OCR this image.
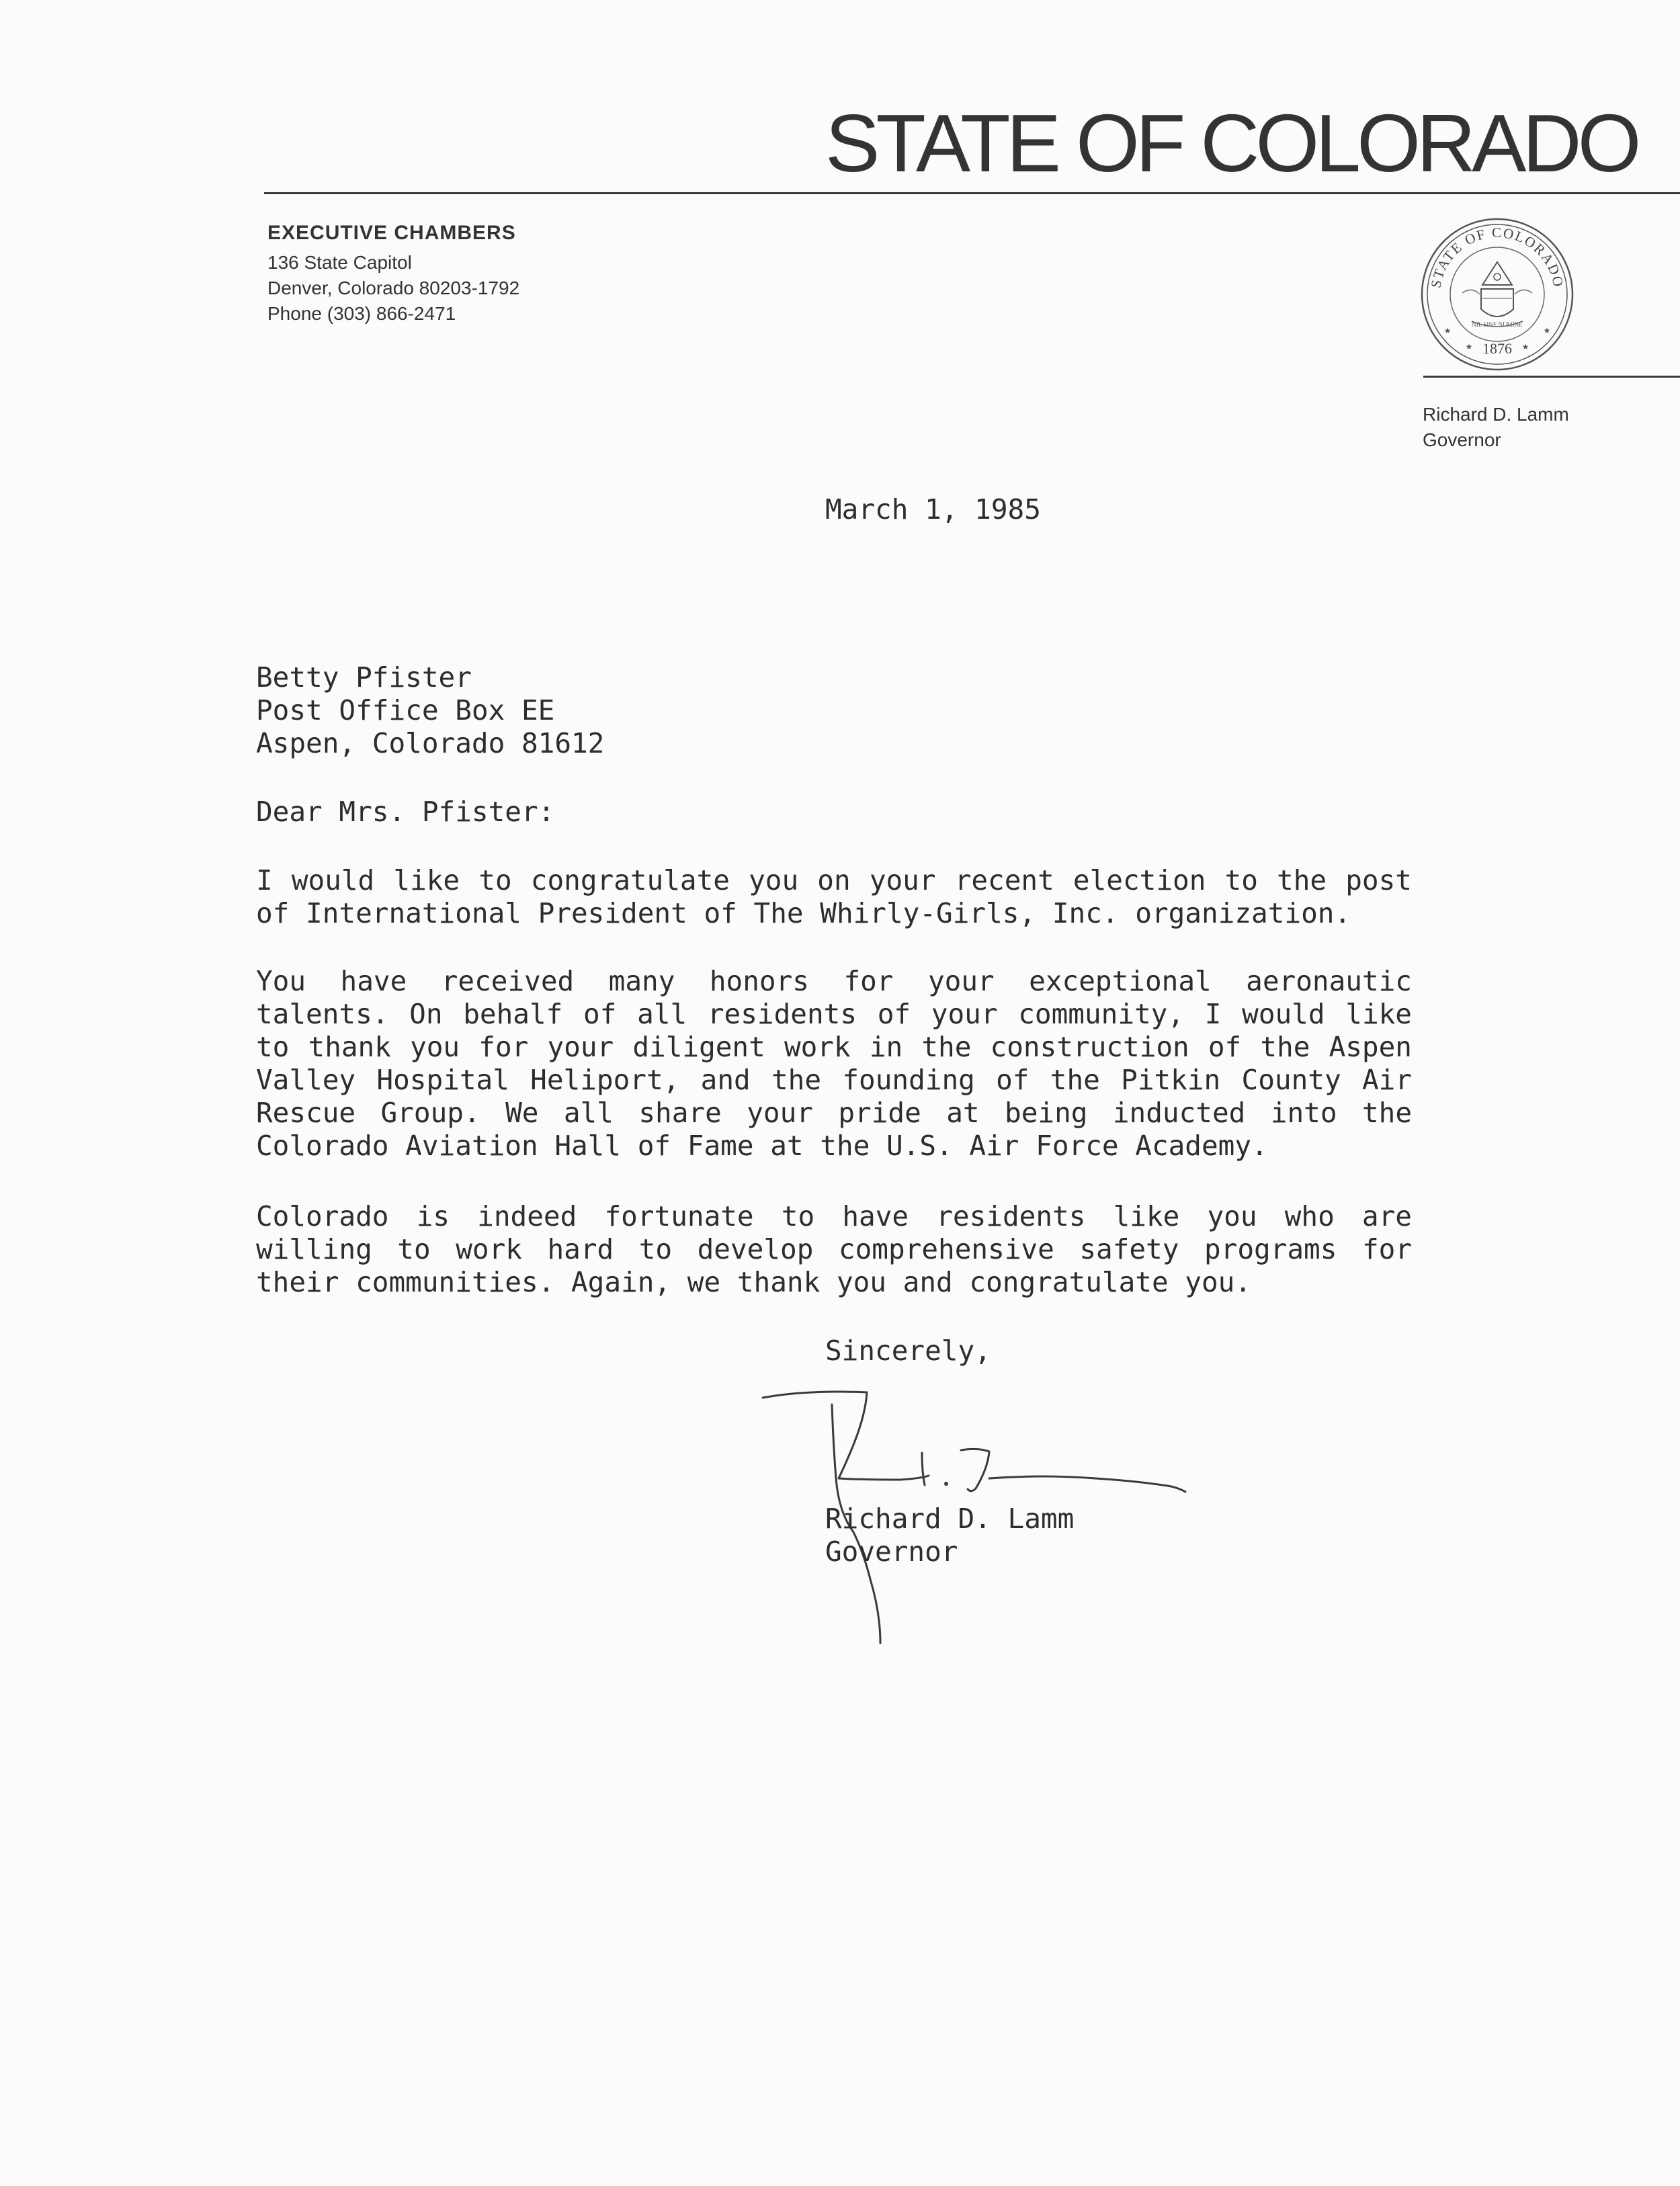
STATE OF COLORADO
EXECUTIVE CHAMBERS
136 State Capitol
Denver, Colorado 80203-1792
Phone (303) 866-2471
STATE OF COLORADO
NIL SINE NUMINE
1876
★	★
★	★
Richard D. Lamm
Governor
March 1, 1985
Betty Pfister
Post Office Box EE
Aspen, Colorado 81612
Dear Mrs. Pfister:
I would like to congratulate you on your recent election to the post of International President of The Whirly-Girls, Inc. organization.
You have received many honors for your exceptional aeronautic talents. On behalf of all residents of your community, I would like to thank you for your diligent work in the construction of the Aspen Valley Hospital Heliport, and the founding of the Pitkin County Air Rescue Group. We all share your pride at being inducted into the Colorado Aviation Hall of Fame at the U.S. Air Force Academy.
Colorado is indeed fortunate to have residents like you who are willing to work hard to develop comprehensive safety programs for their communities. Again, we thank you and congratulate you.
Sincerely,
Richard D. Lamm
Governor
